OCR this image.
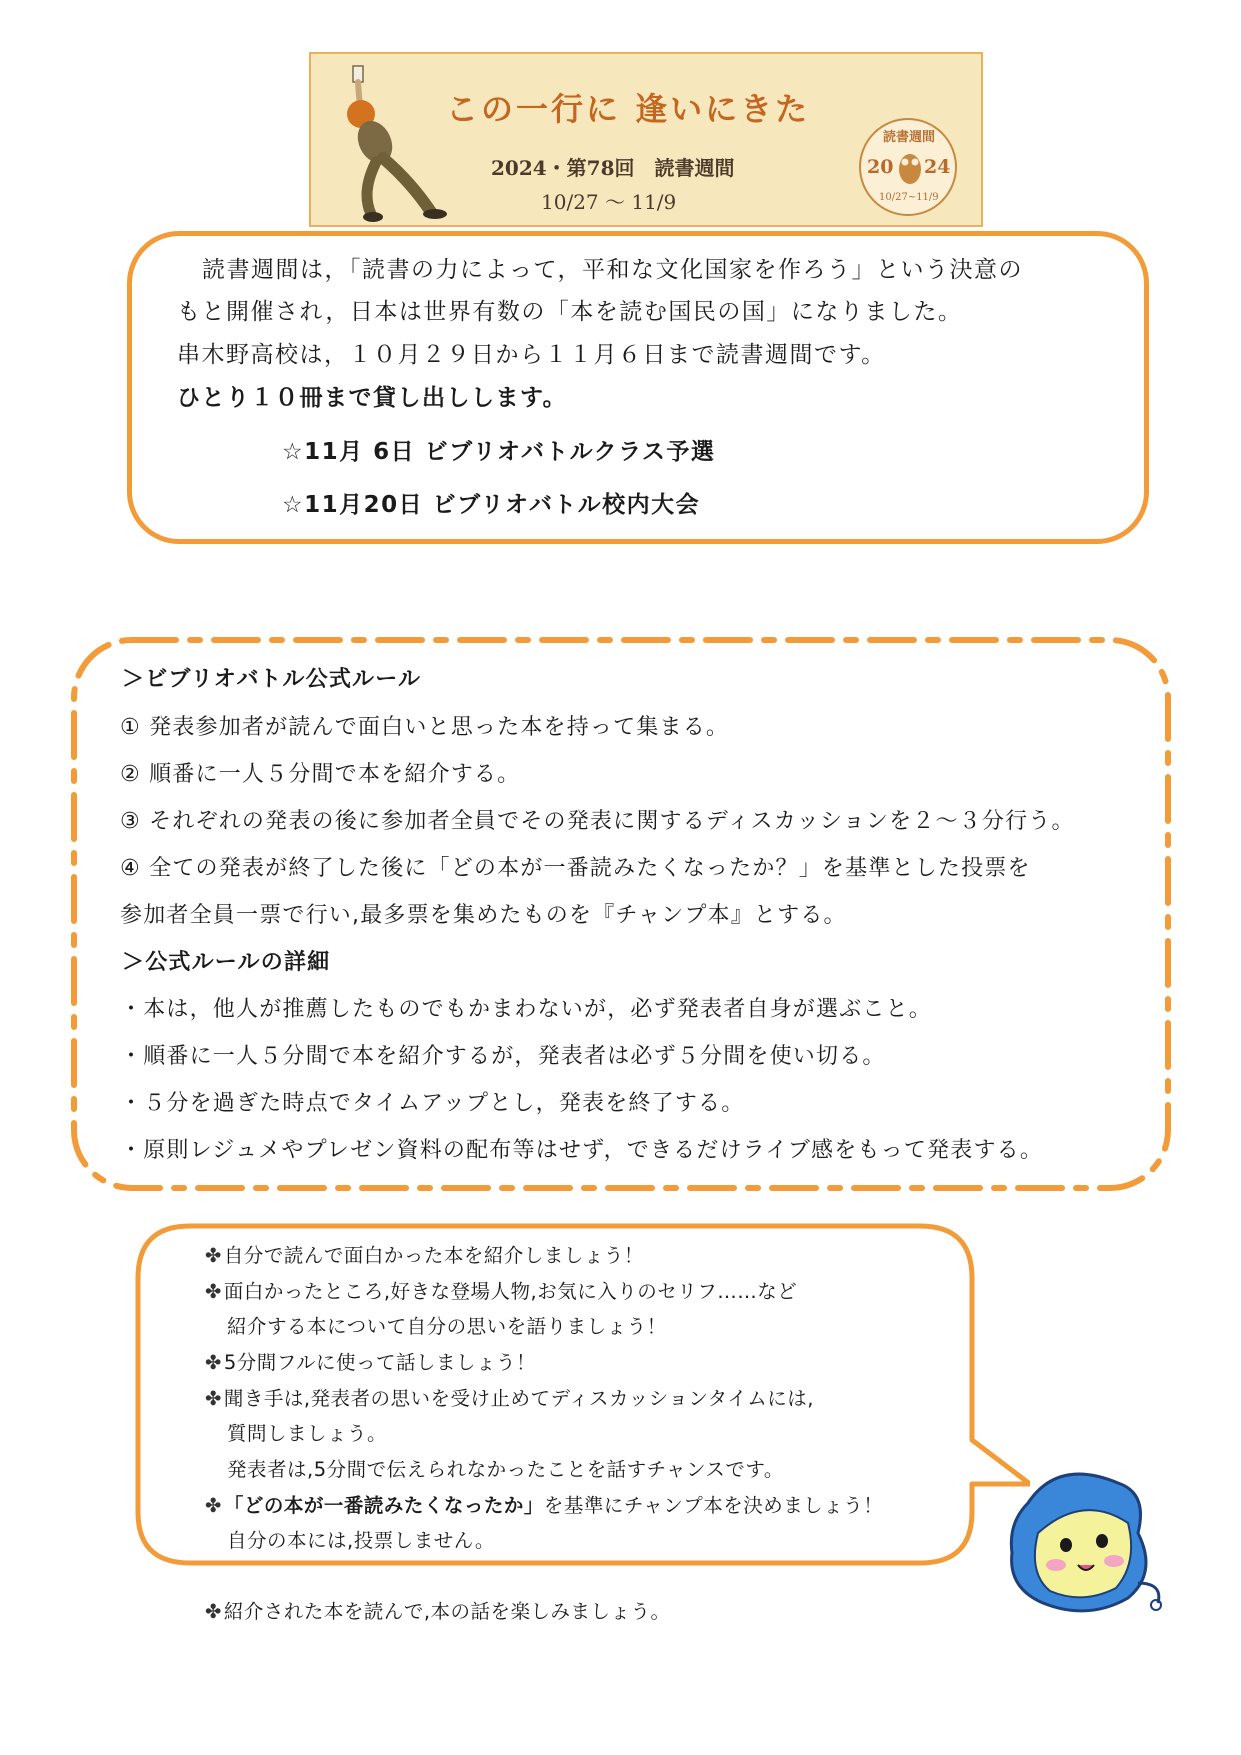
この一行に 逢いにきた
2024・第78回　読書週間
10/27 ～ 11/9
読書週間
20 24
10/27~11/9
読書週間は，「読書の力によって，平和な文化国家を作ろう」という決意の
もと開催され，日本は世界有数の「本を読む国民の国」になりました。
串木野高校は，１０月２９日から１１月６日まで読書週間です。
ひとり１０冊まで貸し出しします。
☆11月 6日 ビブリオバトルクラス予選
☆11月20日 ビブリオバトル校内大会
＞ビブリオバトル公式ルール
① 発表参加者が読んで面白いと思った本を持って集まる。
② 順番に一人５分間で本を紹介する。
③ それぞれの発表の後に参加者全員でその発表に関するディスカッションを２～３分行う。
④ 全ての発表が終了した後に「どの本が一番読みたくなったか？」を基準とした投票を
参加者全員一票で行い,最多票を集めたものを『チャンプ本』とする。
＞公式ルールの詳細
・本は，他人が推薦したものでもかまわないが，必ず発表者自身が選ぶこと。
・順番に一人５分間で本を紹介するが，発表者は必ず５分間を使い切る。
・５分を過ぎた時点でタイムアップとし，発表を終了する。
・原則レジュメやプレゼン資料の配布等はせず，できるだけライブ感をもって発表する。
✤ 自分で読んで面白かった本を紹介しましょう！
✤ 面白かったところ,好きな登場人物,お気に入りのセリフ……など
紹介する本について自分の思いを語りましょう！
✤ 5分間フルに使って話しましょう！
✤ 聞き手は,発表者の思いを受け止めてディスカッションタイムには,
質問しましょう。
発表者は,5分間で伝えられなかったことを話すチャンスです。
✤ 「どの本が一番読みたくなったか」を基準にチャンプ本を決めましょう！
自分の本には,投票しません。
✤ 紹介された本を読んで,本の話を楽しみましょう。
